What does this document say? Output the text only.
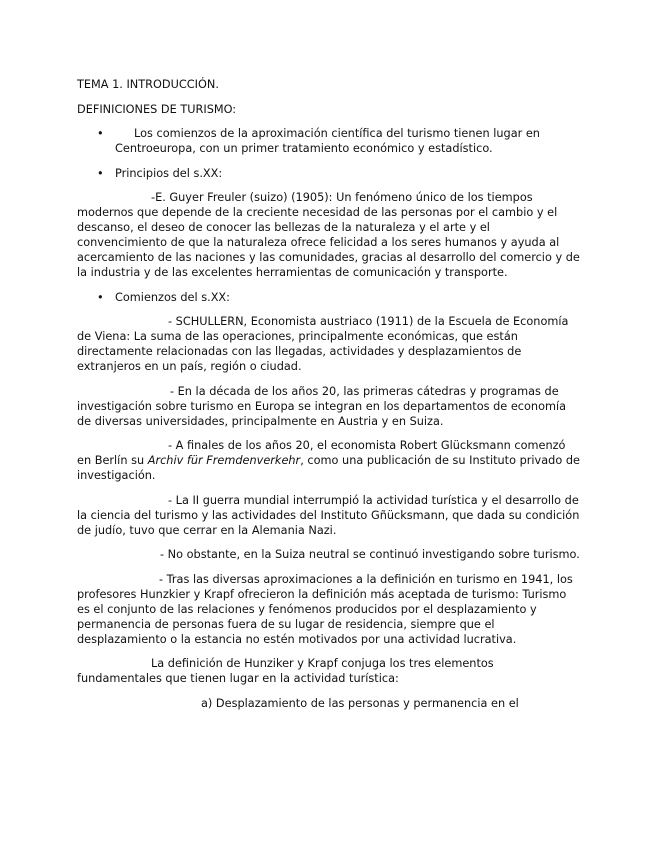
TEMA 1. INTRODUCCIÓN.

DEFINICIONES DE TURISMO:

•	Los comienzos de la aproximación científica del turismo tienen lugar en Centroeuropa, con un primer tratamiento económico y estadístico.

• Principios del s.XX:

-E. Guyer Freuler (suizo) (1905): Un fenómeno único de los tiempos modernos que depende de la creciente necesidad de las personas por el cambio y el descanso, el deseo de conocer las bellezas de la naturaleza y el arte y el convencimiento de que la naturaleza ofrece felicidad a los seres humanos y ayuda al acercamiento de las naciones y las comunidades, gracias al desarrollo del comercio y de la industria y de las excelentes herramientas de comunicación y transporte.

• Comienzos del s.XX:

- SCHULLERN, Economista austriaco (1911) de la Escuela de Economía de Viena: La suma de las operaciones, principalmente económicas, que están directamente relacionadas con las llegadas, actividades y desplazamientos de extranjeros en un país, región o ciudad.

- En la década de los años 20, las primeras cátedras y programas de investigación sobre turismo en Europa se integran en los departamentos de economía de diversas universidades, principalmente en Austria y en Suiza.

- A finales de los años 20, el economista Robert Glücksmann comenzó en Berlín su Archiv für Fremdenverkehr, como una publicación de su Instituto privado de investigación.

- La II guerra mundial interrumpió la actividad turística y el desarrollo de la ciencia del turismo y las actividades del Instituto Gñücksmann, que dada su condición de judío, tuvo que cerrar en la Alemania Nazi.

- No obstante, en la Suiza neutral se continuó investigando sobre turismo.

- Tras las diversas aproximaciones a la definición en turismo en 1941, los profesores Hunzkier y Krapf ofrecieron la definición más aceptada de turismo: Turismo es el conjunto de las relaciones y fenómenos producidos por el desplazamiento y permanencia de personas fuera de su lugar de residencia, siempre que el desplazamiento o la estancia no estén motivados por una actividad lucrativa.

La definición de Hunziker y Krapf conjuga los tres elementos fundamentales que tienen lugar en la actividad turística:

a) Desplazamiento de las personas y permanencia en el
